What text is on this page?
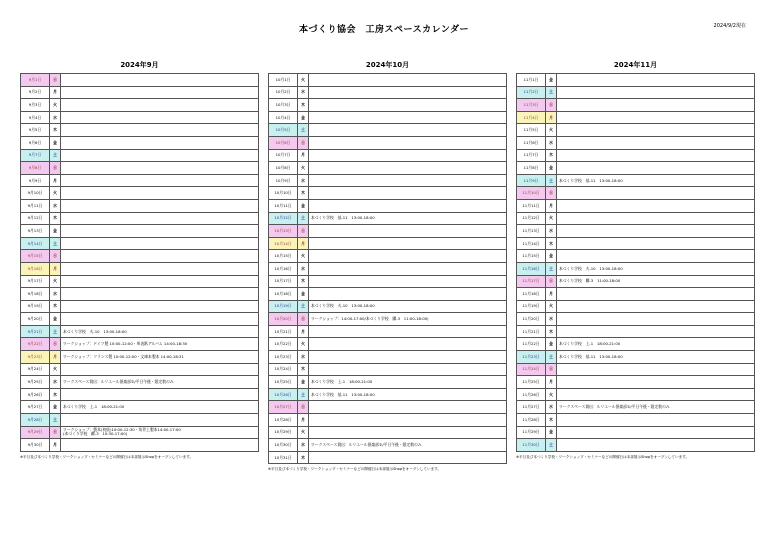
本づくり協会　工房スペースカレンダー	2024/9/2現在
2024年9月
9月1日	日	

9月2日	月	

9月3日	火	

9月4日	水	

9月5日	木	

9月6日	金	

9月7日	土	

9月8日	日	

9月9日	月	

9月10日	火	

9月11日	水	

9月12日	木	

9月13日	金	

9月14日	土	

9月15日	日	

9月16日	月	

9月17日	火	

9月18日	水	

9月19日	木	

9月20日	金	

9月21日	土	本づくり学校　火-10　13:00-18:00

9月22日	日	ワークショップ：ドイツ製 10:00-12:00・革表紙アルバム 14:00-18:30

9月23日	月	ワークショップ：フランス製 10:00-12:00・文庫本製本 14:00-18:31

9月24日	火	

9月25日	水	ワークスペース貸出：ルリユール倶楽部②/平日午後・限定数のみ

9月26日	木	

9月27日	金	本づくり学校　上-1　18:00-21:00

9月28日	土	

9月29日	日	ワークショップ：製本(初級)10:00-12:30・角背上製本14:00-17:00
(本づくり学校　躍-3　10:30-17:00)

9月30日	月	
※平日及び本づくり学校・ワークショップ・セミナーなどの開催日は本部展示Shopをオープンしています。
2024年10月
10月1日	火	

10月2日	水	

10月3日	木	

10月4日	金	

10月5日	土	

10月6日	日	

10月7日	月	

10月8日	火	

10月9日	水	

10月10日	木	

10月11日	金	

10月12日	土	本づくり学校　基-11　13:00-18:00

10月13日	日	

10月14日	月	

10月15日	火	

10月16日	水	

10月17日	木	

10月18日	金	

10月19日	土	本づくり学校　火-10　13:00-18:00

10月20日	日	ワークショップ：14:00-17:00/本づくり学校　躍-3　11:00-18:00)

10月21日	月	

10月22日	火	

10月23日	水	

10月24日	木	

10月25日	金	本づくり学校　上-1　18:00-21:00

10月26日	土	本づくり学校　基-11　13:00-18:00

10月27日	日	

10月28日	月	

10月29日	火	

10月30日	水	ワークスペース貸出：ルリユール倶楽部②/平日午後・限定数のみ

10月31日	木	
※平日及び本づくり学校・ワークショップ・セミナーなどの開催日は本部展示Shopをオープンしています。
2024年11月
11月1日	金	

11月2日	土	

11月3日	日	

11月4日	月	

11月5日	火	

11月6日	水	

11月7日	木	

11月8日	金	

11月9日	土	本づくり学校　基-11　13:00-18:00

11月10日	日	

11月11日	月	

11月12日	火	

11月13日	水	

11月14日	木	

11月15日	金	

11月16日	土	本づくり学校　火-10　13:00-18:00

11月17日	日	本づくり学校　躍-3　11:00-18:00

11月18日	月	

11月19日	火	

11月20日	水	

11月21日	木	

11月22日	金	本づくり学校　上-1　18:00-21:00

11月23日	土	本づくり学校　基-11　13:00-18:00

11月24日	日	

11月25日	月	

11月26日	火	

11月27日	水	ワークスペース貸出：ルリユール倶楽部②/平日午後・限定数のみ

11月28日	木	

11月29日	金	

11月30日	土	
※平日及び本づくり学校・ワークショップ・セミナーなどの開催日は本部展示Shopをオープンしています。
